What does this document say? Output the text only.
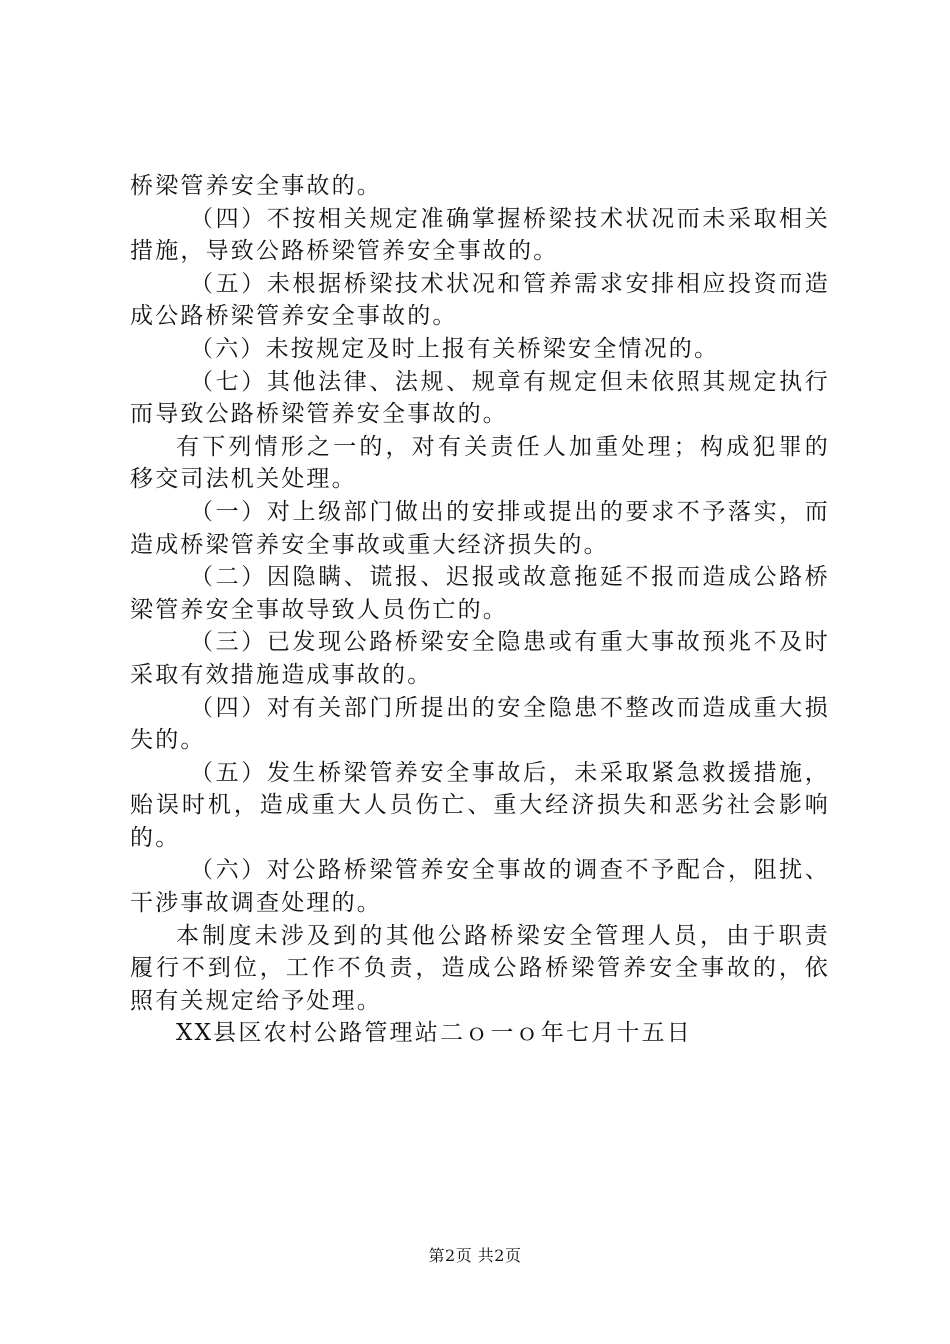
桥梁管养安全事故的。

（四）不按相关规定准确掌握桥梁技术状况而未采取相关措施，导致公路桥梁管养安全事故的。

（五）未根据桥梁技术状况和管养需求安排相应投资而造成公路桥梁管养安全事故的。

（六）未按规定及时上报有关桥梁安全情况的。

（七）其他法律、法规、规章有规定但未依照其规定执行而导致公路桥梁管养安全事故的。

有下列情形之一的，对有关责任人加重处理；构成犯罪的移交司法机关处理。

（一）对上级部门做出的安排或提出的要求不予落实，而造成桥梁管养安全事故或重大经济损失的。

（二）因隐瞒、谎报、迟报或故意拖延不报而造成公路桥梁管养安全事故导致人员伤亡的。

（三）已发现公路桥梁安全隐患或有重大事故预兆不及时采取有效措施造成事故的。

（四）对有关部门所提出的安全隐患不整改而造成重大损失的。

（五）发生桥梁管养安全事故后，未采取紧急救援措施，贻误时机，造成重大人员伤亡、重大经济损失和恶劣社会影响的。

（六）对公路桥梁管养安全事故的调查不予配合，阻扰、干涉事故调查处理的。

本制度未涉及到的其他公路桥梁安全管理人员，由于职责履行不到位，工作不负责，造成公路桥梁管养安全事故的，依照有关规定给予处理。

XX县区农村公路管理站二ｏ一ｏ年七月十五日

第2页 共2页
